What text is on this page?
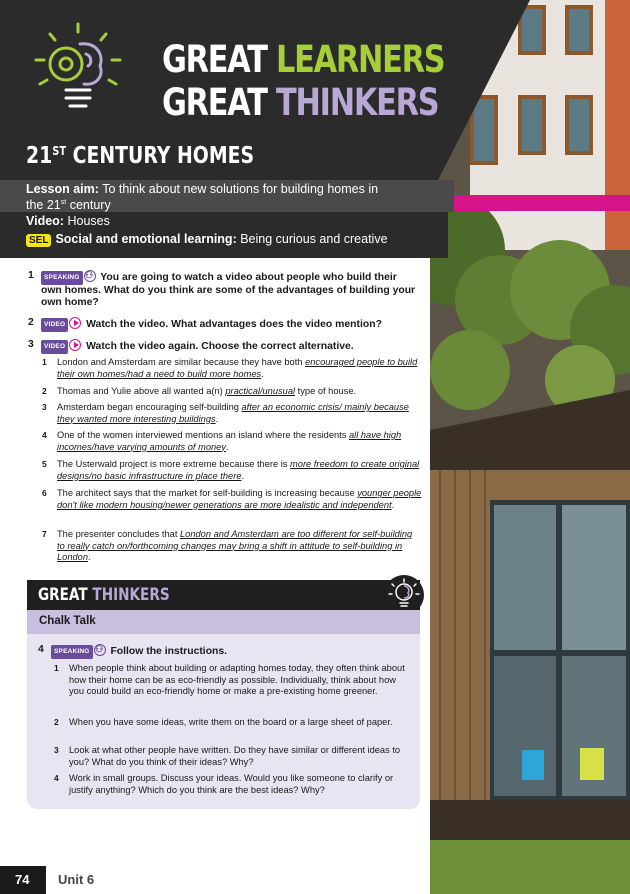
GREAT LEARNERS
GREAT THINKERS
21ST CENTURY HOMES
Lesson aim: To think about new solutions for building homes in
the 21st century
Video: Houses
SEL Social and emotional learning: Being curious and creative
1	SPEAKING ⚇ You are going to watch a video about people who build their own homes. What do you think are some of the advantages of building your own home?
2	VIDEO Watch the video. What advantages does the video mention?
3	VIDEO Watch the video again. Choose the correct alternative.
1 London and Amsterdam are similar because they have both encouraged people to build their own homes/had a need to build more homes.
2 Thomas and Yulie above all wanted a(n) practical/unusual type of house.
3 Amsterdam began encouraging self-building after an economic crisis/ mainly because they wanted more interesting buildings.
4 One of the women interviewed mentions an island where the residents all have high incomes/have varying amounts of money.
5 The Usterwald project is more extreme because there is more freedom to create original designs/no basic infrastructure in place there.
6 The architect says that the market for self-building is increasing because younger people don't like modern housing/newer generations are more idealistic and independent.
7 The presenter concludes that London and Amsterdam are too different for self-building to really catch on/forthcoming changes may bring a shift in attitude to self-building in London.
GREAT THINKERS
Chalk Talk
4	SPEAKING ⚇ Follow the instructions.
1 When people think about building or adapting homes today, they often think about how their home can be as eco-friendly as possible. Individually, think about how you could build an eco-friendly home or make a pre-existing home greener.
2 When you have some ideas, write them on the board or a large sheet of paper.
3 Look at what other people have written. Do they have similar or different ideas to you? What do you think of their ideas? Why?
4 Work in small groups. Discuss your ideas. Would you like someone to clarify or justify anything? Which do you think are the best ideas? Why?
74	Unit 6
